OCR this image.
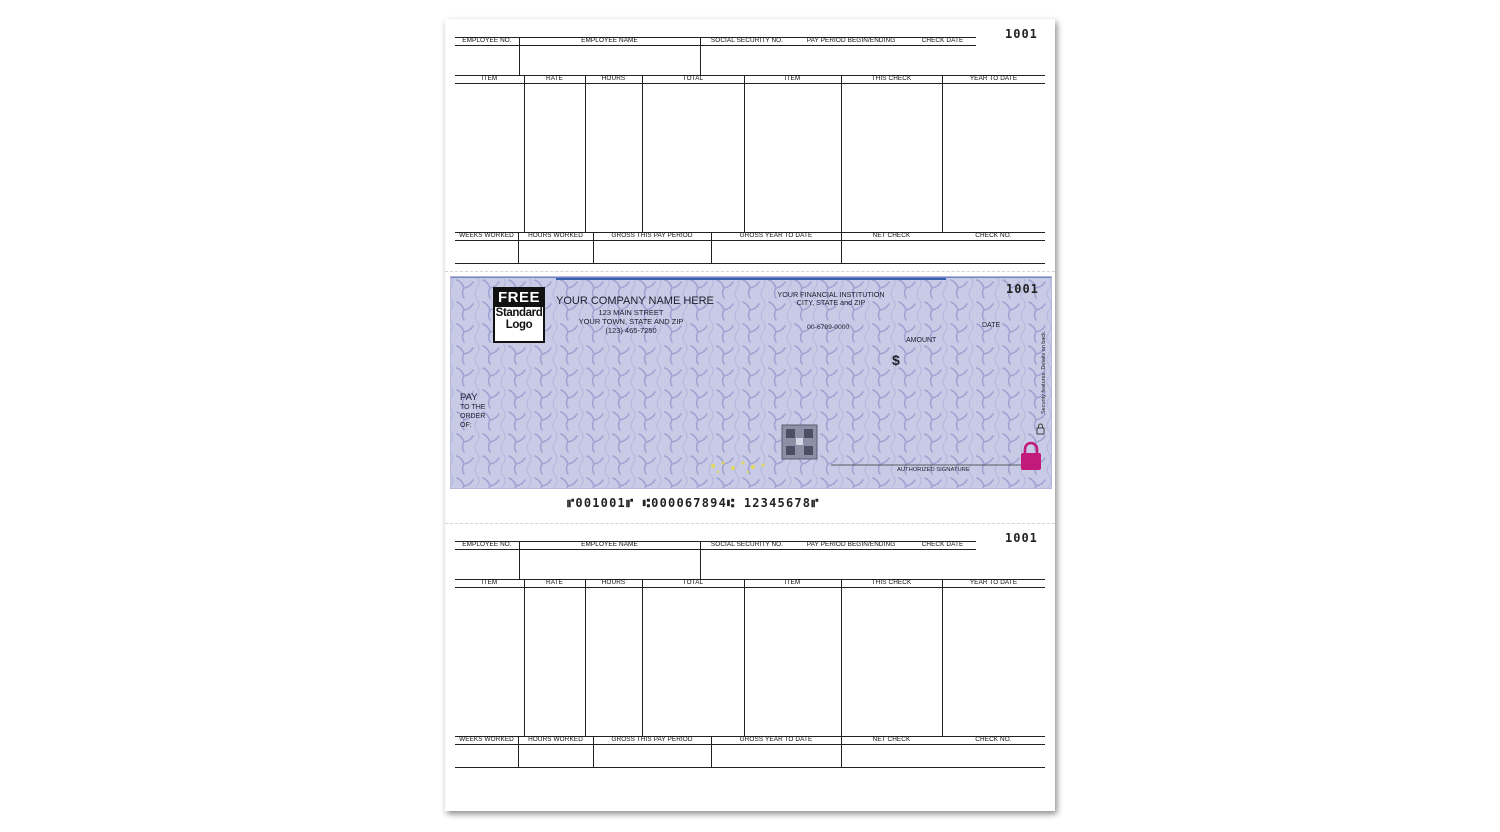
1001
EMPLOYEE NO.	EMPLOYEE NAME	SOCIAL SECURITY NO.	PAY PERIOD BEGIN/ENDING	CHECK DATE
ITEM	RATE	HOURS	TOTAL	ITEM	THIS CHECK	YEAR TO DATE
WEEKS WORKED	HOURS WORKED	GROSS THIS PAY PERIOD	GROSS YEAR TO DATE	NET CHECK	CHECK NO.
1001
FREE
Standard
Logo
YOUR COMPANY NAME HERE
123 MAIN STREET
YOUR TOWN, STATE AND ZIP
(123) 465-7250
YOUR FINANCIAL INSTITUTION
CITY, STATE and ZIP
00-6789-0000	DATE
AMOUNT
$
PAY
TO THE
ORDER
OF:
AUTHORIZED SIGNATURE
Security features. Details on back.
⑈001001⑈ ⑆000067894⑆ 12345678⑈
1001
EMPLOYEE NO.	EMPLOYEE NAME	SOCIAL SECURITY NO.	PAY PERIOD BEGIN/ENDING	CHECK DATE
ITEM	RATE	HOURS	TOTAL	ITEM	THIS CHECK	YEAR TO DATE
WEEKS WORKED	HOURS WORKED	GROSS THIS PAY PERIOD	GROSS YEAR TO DATE	NET CHECK	CHECK NO.
